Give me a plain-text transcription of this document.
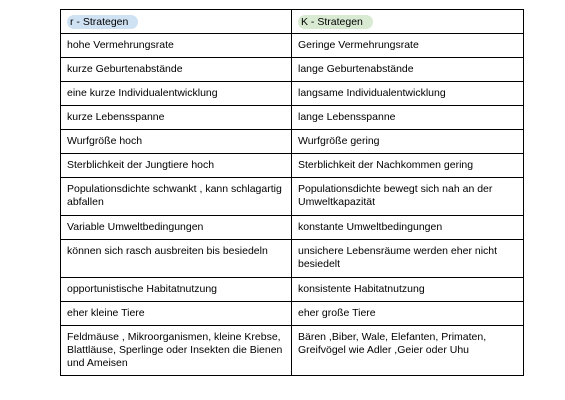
r - Strategen	K - Strategen
hohe Vermehrungsrate	Geringe Vermehrungsrate
kurze Geburtenabstände	lange Geburtenabstände
eine kurze Individualentwicklung	langsame Individualentwicklung
kurze Lebensspanne	lange Lebensspanne
Wurfgröße hoch	Wurfgröße gering
Sterblichkeit der Jungtiere hoch	Sterblichkeit der Nachkommen gering
Populationsdichte schwankt , kann schlagartig abfallen	Populationsdichte bewegt sich nah an der Umweltkapazität
Variable Umweltbedingungen	konstante Umweltbedingungen
können sich rasch ausbreiten bis besiedeln	unsichere Lebensräume werden eher nicht besiedelt
opportunistische Habitatnutzung	konsistente Habitatnutzung
eher kleine Tiere	eher große Tiere
Feldmäuse , Mikroorganismen, kleine Krebse, Blattläuse, Sperlinge oder Insekten die Bienen und Ameisen	Bären ,Biber, Wale, Elefanten, Primaten, Greifvögel wie Adler ,Geier oder Uhu
